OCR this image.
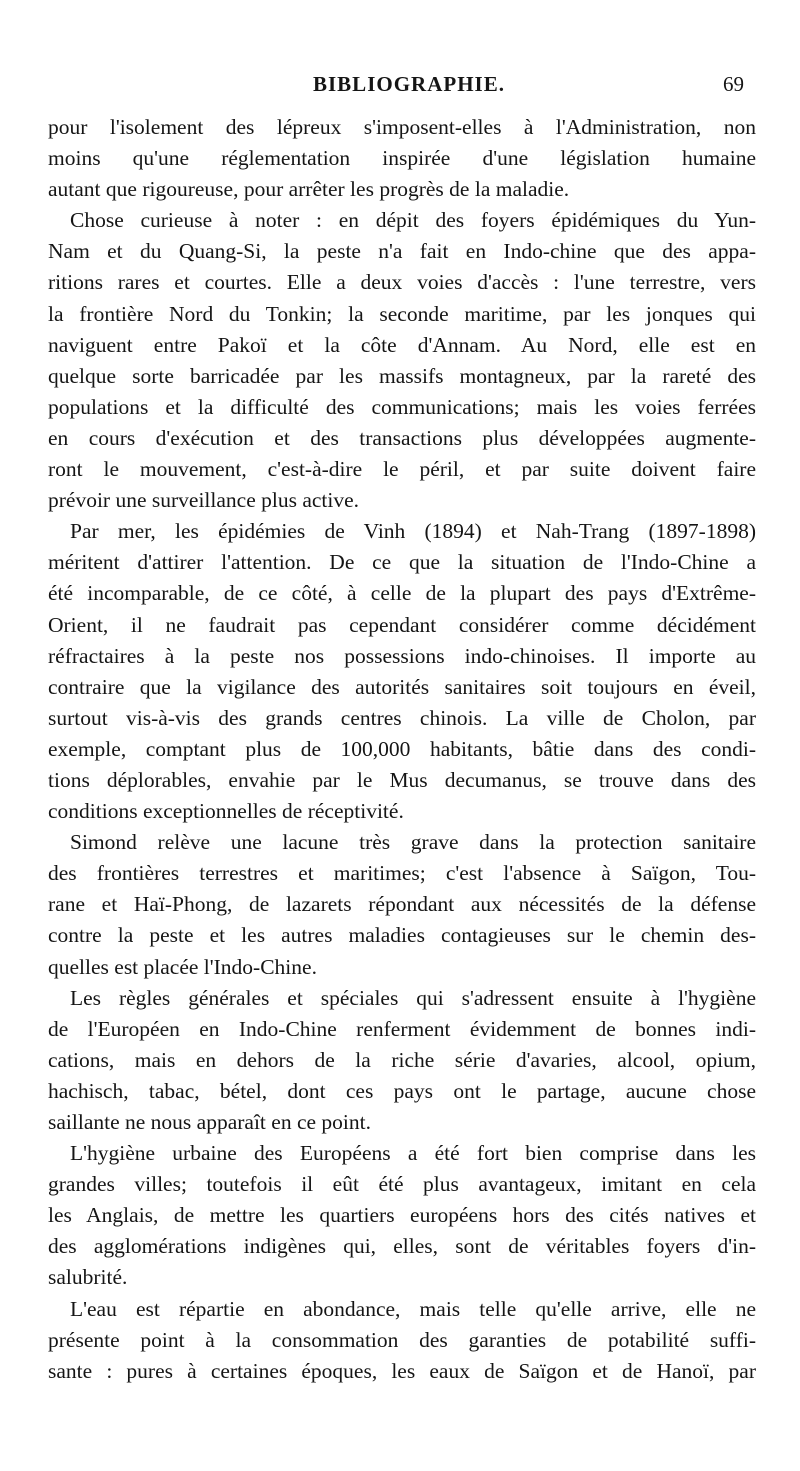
BIBLIOGRAPHIE.	69
pour l'isolement des lépreux s'imposent-elles à l'Administration, non
moins qu'une réglementation inspirée d'une législation humaine
autant que rigoureuse, pour arrêter les progrès de la maladie.
Chose curieuse à noter : en dépit des foyers épidémiques du Yun-
Nam et du Quang-Si, la peste n'a fait en Indo-chine que des appa-
ritions rares et courtes. Elle a deux voies d'accès : l'une terrestre, vers
la frontière Nord du Tonkin; la seconde maritime, par les jonques qui
naviguent entre Pakoï et la côte d'Annam. Au Nord, elle est en
quelque sorte barricadée par les massifs montagneux, par la rareté des
populations et la difficulté des communications; mais les voies ferrées
en cours d'exécution et des transactions plus développées augmente-
ront le mouvement, c'est-à-dire le péril, et par suite doivent faire
prévoir une surveillance plus active.
Par mer, les épidémies de Vinh (1894) et Nah-Trang (1897-1898)
méritent d'attirer l'attention. De ce que la situation de l'Indo-Chine a
été incomparable, de ce côté, à celle de la plupart des pays d'Extrême-
Orient, il ne faudrait pas cependant considérer comme décidément
réfractaires à la peste nos possessions indo-chinoises. Il importe au
contraire que la vigilance des autorités sanitaires soit toujours en éveil,
surtout vis-à-vis des grands centres chinois. La ville de Cholon, par
exemple, comptant plus de 100,000 habitants, bâtie dans des condi-
tions déplorables, envahie par le Mus decumanus, se trouve dans des
conditions exceptionnelles de réceptivité.
Simond relève une lacune très grave dans la protection sanitaire
des frontières terrestres et maritimes; c'est l'absence à Saïgon, Tou-
rane et Haï-Phong, de lazarets répondant aux nécessités de la défense
contre la peste et les autres maladies contagieuses sur le chemin des-
quelles est placée l'Indo-Chine.
Les règles générales et spéciales qui s'adressent ensuite à l'hygiène
de l'Européen en Indo-Chine renferment évidemment de bonnes indi-
cations, mais en dehors de la riche série d'avaries, alcool, opium,
hachisch, tabac, bétel, dont ces pays ont le partage, aucune chose
saillante ne nous apparaît en ce point.
L'hygiène urbaine des Européens a été fort bien comprise dans les
grandes villes; toutefois il eût été plus avantageux, imitant en cela
les Anglais, de mettre les quartiers européens hors des cités natives et
des agglomérations indigènes qui, elles, sont de véritables foyers d'in-
salubrité.
L'eau est répartie en abondance, mais telle qu'elle arrive, elle ne
présente point à la consommation des garanties de potabilité suffi-
sante : pures à certaines époques, les eaux de Saïgon et de Hanoï, par
